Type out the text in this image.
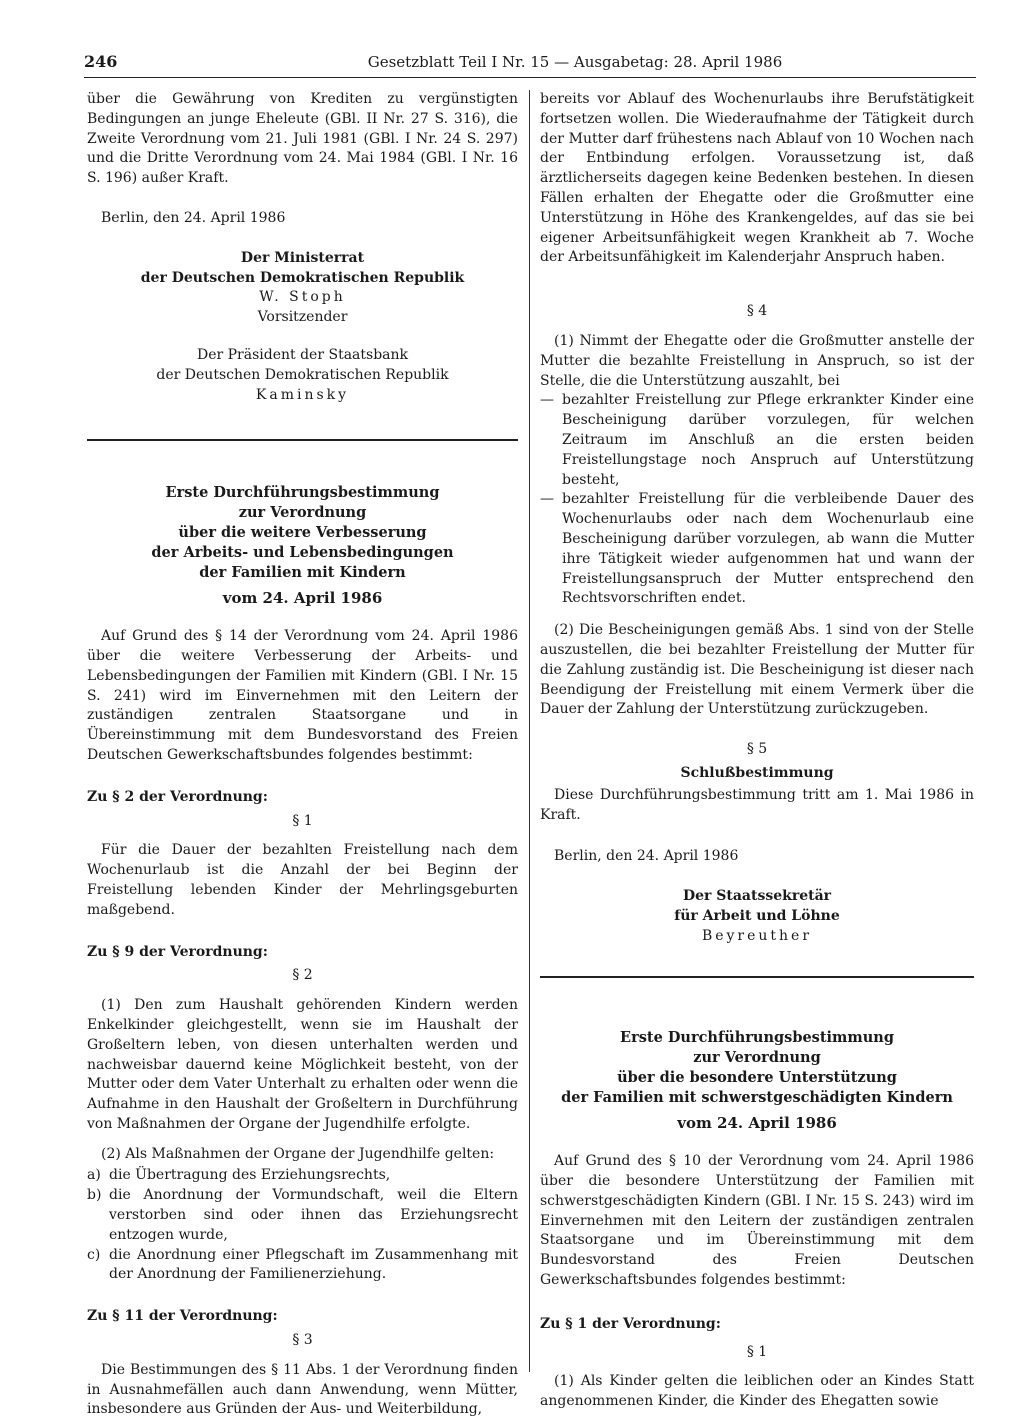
246	Gesetzblatt Teil I Nr. 15 — Ausgabetag: 28. April 1986

über die Gewährung von Krediten zu vergünstigten Bedingungen an junge Eheleute (GBl. II Nr. 27 S. 316), die Zweite Verordnung vom 21. Juli 1981 (GBl. I Nr. 24 S. 297) und die Dritte Verordnung vom 24. Mai 1984 (GBl. I Nr. 16 S. 196) außer Kraft.

Berlin, den 24. April 1986

Der Ministerrat

der Deutschen Demokratischen Republik

W. Stoph

Vorsitzender

Der Präsident der Staatsbank

der Deutschen Demokratischen Republik

Kaminsky

Erste Durchführungsbestimmung

zur Verordnung

über die weitere Verbesserung

der Arbeits- und Lebensbedingungen

der Familien mit Kindern

vom 24. April 1986

Auf Grund des § 14 der Verordnung vom 24. April 1986 über die weitere Verbesserung der Arbeits- und Lebensbedingungen der Familien mit Kindern (GBl. I Nr. 15 S. 241) wird im Einvernehmen mit den Leitern der zuständigen zentralen Staatsorgane und in Übereinstimmung mit dem Bundesvorstand des Freien Deutschen Gewerkschaftsbundes folgendes bestimmt:

Zu § 2 der Verordnung:

§ 1

Für die Dauer der bezahlten Freistellung nach dem Wochenurlaub ist die Anzahl der bei Beginn der Freistellung lebenden Kinder der Mehrlingsgeburten maßgebend.

Zu § 9 der Verordnung:

§ 2

(1) Den zum Haushalt gehörenden Kindern werden Enkelkinder gleichgestellt, wenn sie im Haushalt der Großeltern leben, von diesen unterhalten werden und nachweisbar dauernd keine Möglichkeit besteht, von der Mutter oder dem Vater Unterhalt zu erhalten oder wenn die Aufnahme in den Haushalt der Großeltern in Durchführung von Maßnahmen der Organe der Jugendhilfe erfolgte.

(2) Als Maßnahmen der Organe der Jugendhilfe gelten:

a) die Übertragung des Erziehungsrechts,
b) die Anordnung der Vormundschaft, weil die Eltern verstorben sind oder ihnen das Erziehungsrecht entzogen wurde,
c) die Anordnung einer Pflegschaft im Zusammenhang mit der Anordnung der Familienerziehung.

Zu § 11 der Verordnung:

§ 3

Die Bestimmungen des § 11 Abs. 1 der Verordnung finden in Ausnahmefällen auch dann Anwendung, wenn Mütter, insbesondere aus Gründen der Aus- und Weiterbildung,

bereits vor Ablauf des Wochenurlaubs ihre Berufstätigkeit fortsetzen wollen. Die Wiederaufnahme der Tätigkeit durch der Mutter darf frühestens nach Ablauf von 10 Wochen nach der Entbindung erfolgen. Voraussetzung ist, daß ärztlicherseits dagegen keine Bedenken bestehen. In diesen Fällen erhalten der Ehegatte oder die Großmutter eine Unterstützung in Höhe des Krankengeldes, auf das sie bei eigener Arbeitsunfähigkeit wegen Krankheit ab 7. Woche der Arbeitsunfähigkeit im Kalenderjahr Anspruch haben.

§ 4

(1) Nimmt der Ehegatte oder die Großmutter anstelle der Mutter die bezahlte Freistellung in Anspruch, so ist der Stelle, die die Unterstützung auszahlt, bei

— bezahlter Freistellung zur Pflege erkrankter Kinder eine Bescheinigung darüber vorzulegen, für welchen Zeitraum im Anschluß an die ersten beiden Freistellungstage noch Anspruch auf Unterstützung besteht,
— bezahlter Freistellung für die verbleibende Dauer des Wochenurlaubs oder nach dem Wochenurlaub eine Bescheinigung darüber vorzulegen, ab wann die Mutter ihre Tätigkeit wieder aufgenommen hat und wann der Freistellungsanspruch der Mutter entsprechend den Rechtsvorschriften endet.

(2) Die Bescheinigungen gemäß Abs. 1 sind von der Stelle auszustellen, die bei bezahlter Freistellung der Mutter für die Zahlung zuständig ist. Die Bescheinigung ist dieser nach Beendigung der Freistellung mit einem Vermerk über die Dauer der Zahlung der Unterstützung zurückzugeben.

§ 5

Schlußbestimmung

Diese Durchführungsbestimmung tritt am 1. Mai 1986 in Kraft.

Berlin, den 24. April 1986

Der Staatssekretär

für Arbeit und Löhne

Beyreuther

Erste Durchführungsbestimmung

zur Verordnung

über die besondere Unterstützung

der Familien mit schwerstgeschädigten Kindern

vom 24. April 1986

Auf Grund des § 10 der Verordnung vom 24. April 1986 über die besondere Unterstützung der Familien mit schwerstgeschädigten Kindern (GBl. I Nr. 15 S. 243) wird im Einvernehmen mit den Leitern der zuständigen zentralen Staatsorgane und im Übereinstimmung mit dem Bundesvorstand des Freien Deutschen Gewerkschaftsbundes folgendes bestimmt:

Zu § 1 der Verordnung:

§ 1

(1) Als Kinder gelten die leiblichen oder an Kindes Statt angenommenen Kinder, die Kinder des Ehegatten sowie
